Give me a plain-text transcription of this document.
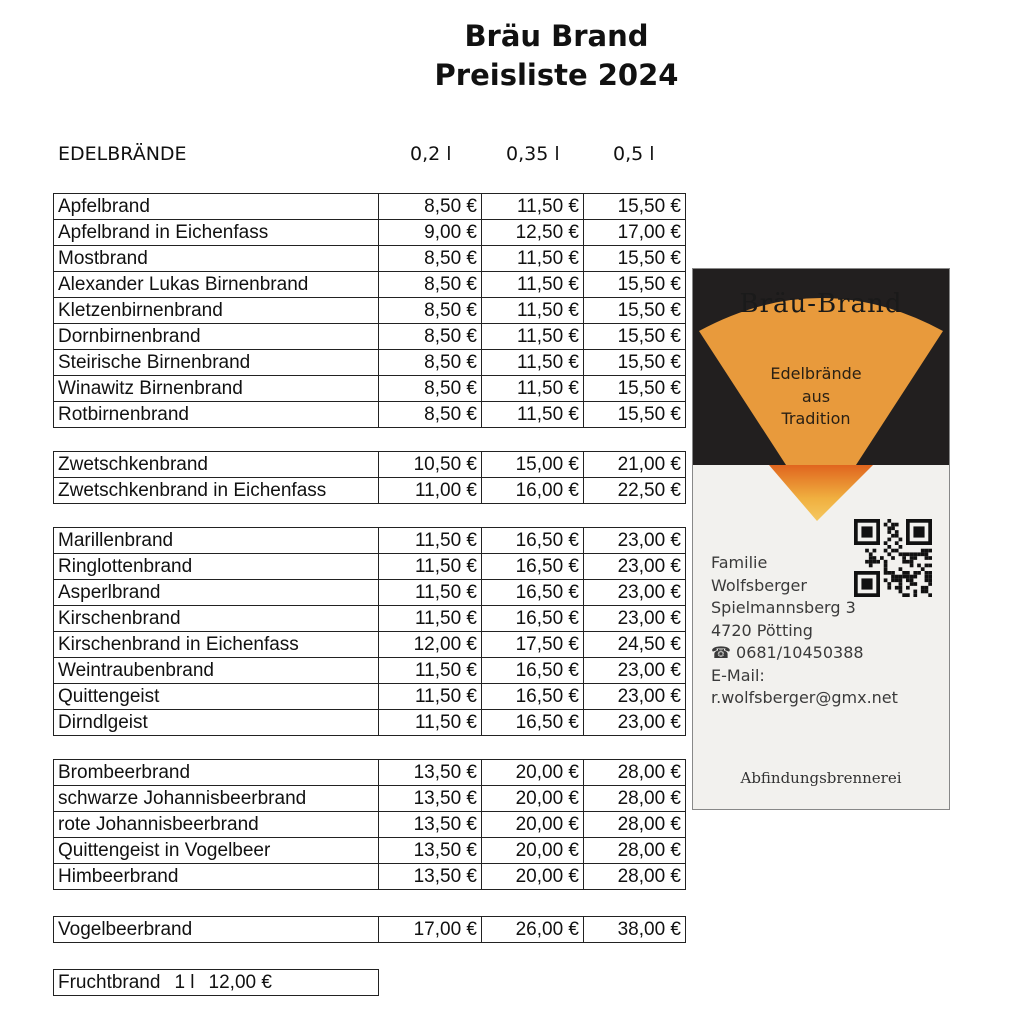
Bräu Brand
Preisliste 2024
EDELBRÄNDE	0,2 l	0,35 l	0,5 l
Apfelbrand	8,50 €	11,50 €	15,50 €
Apfelbrand in Eichenfass	9,00 €	12,50 €	17,00 €
Mostbrand	8,50 €	11,50 €	15,50 €
Alexander Lukas Birnenbrand	8,50 €	11,50 €	15,50 €
Kletzenbirnenbrand	8,50 €	11,50 €	15,50 €
Dornbirnenbrand	8,50 €	11,50 €	15,50 €
Steirische Birnenbrand	8,50 €	11,50 €	15,50 €
Winawitz Birnenbrand	8,50 €	11,50 €	15,50 €
Rotbirnenbrand	8,50 €	11,50 €	15,50 €
Zwetschkenbrand	10,50 €	15,00 €	21,00 €
Zwetschkenbrand in Eichenfass	11,00 €	16,00 €	22,50 €
Marillenbrand	11,50 €	16,50 €	23,00 €
Ringlottenbrand	11,50 €	16,50 €	23,00 €
Asperlbrand	11,50 €	16,50 €	23,00 €
Kirschenbrand	11,50 €	16,50 €	23,00 €
Kirschenbrand in Eichenfass	12,00 €	17,50 €	24,50 €
Weintraubenbrand	11,50 €	16,50 €	23,00 €
Quittengeist	11,50 €	16,50 €	23,00 €
Dirndlgeist	11,50 €	16,50 €	23,00 €
Brombeerbrand	13,50 €	20,00 €	28,00 €
schwarze Johannisbeerbrand	13,50 €	20,00 €	28,00 €
rote Johannisbeerbrand	13,50 €	20,00 €	28,00 €
Quittengeist in Vogelbeer	13,50 €	20,00 €	28,00 €
Himbeerbrand	13,50 €	20,00 €	28,00 €
Vogelbeerbrand	17,00 €	26,00 €	38,00 €
Fruchtbrand 1 l 12,00 €
Bräu-Brand
Edelbrände
aus
Tradition
Familie
Wolfsberger
Spielmannsberg 3
4720 Pötting
☎ 0681/10450388
E-Mail:
r.wolfsberger@gmx.net
Abfindungsbrennerei
